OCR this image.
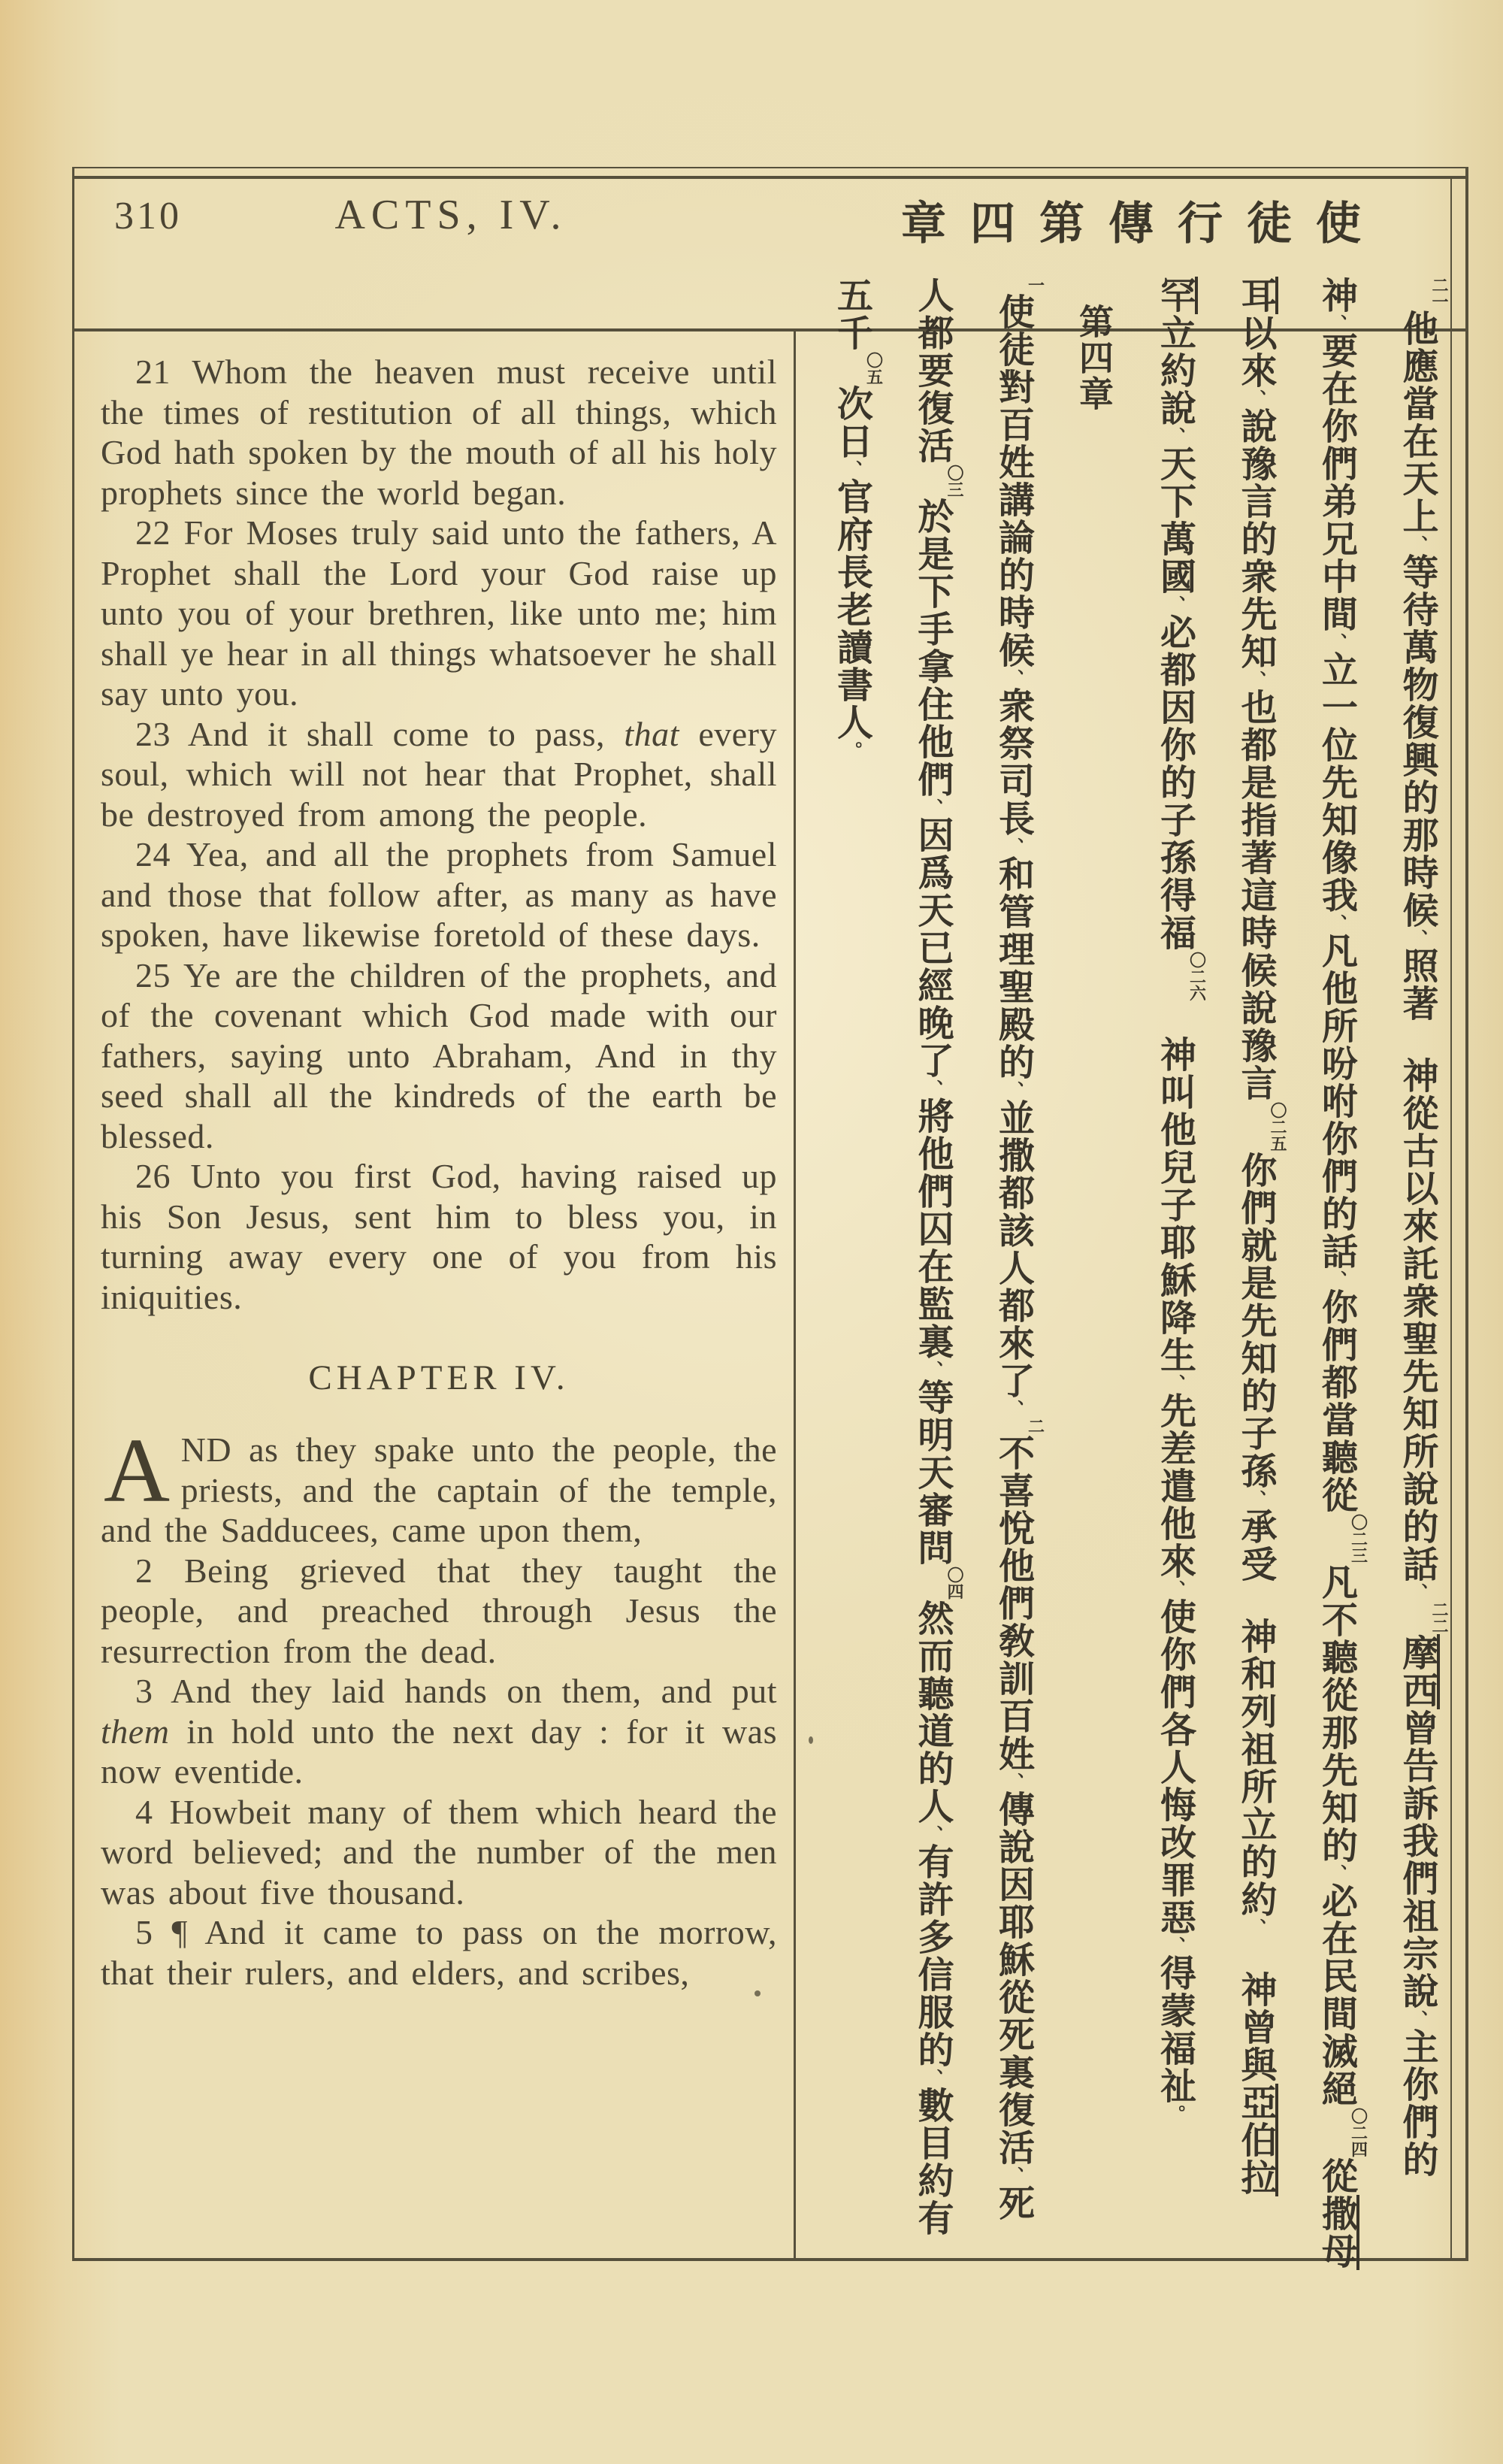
310	ACTS, IV.	章四第傳行徒使

21 Whom the heaven must receive until the times of restitution of all things, which God hath spoken by the mouth of all his holy prophets since the world began.

22 For Moses truly said unto the fathers, A Prophet shall the Lord your God raise up unto you of your brethren, like unto me; him shall ye hear in all things whatsoever he shall say unto you.

23 And it shall come to pass, that every soul, which will not hear that Prophet, shall be destroyed from among the people.

24 Yea, and all the prophets from Samuel and those that follow after, as many as have spoken, have likewise foretold of these days.

25 Ye are the children of the prophets, and of the covenant which God made with our fathers, saying unto Abraham, And in thy seed shall all the kindreds of the earth be blessed.

26 Unto you first God, having raised up his Son Jesus, sent him to bless you, in turning away every one of you from his iniquities.

CHAPTER IV.

AND as they spake unto the people, the priests, and the captain of the temple, and the Sadducees, came upon them,

2 Being grieved that they taught the people, and preached through Jesus the resurrection from the dead.

3 And they laid hands on them, and put them in hold unto the next day : for it was now eventide.

4 Howbeit many of them which heard the word believed; and the number of the men was about five thousand.

5 ¶ And it came to pass on the morrow, that their rulers, and elders, and scribes,

二一他應當在天上、等待萬物復興的那時候、照著神從古以來託衆聖先知所說的話、二二摩西曾告訴我們祖宗說、主你們的
神、要在你們弟兄中間、立一位先知像我、凡他所吩咐你們的話、你們都當聽從〇二三凡不聽從那先知的、必在民間滅絕〇二四從撒母
耳以來、說豫言的衆先知、也都是指著這時候說豫言〇二五你們就是先知的子孫、承受神和列祖所立的約、神曾與亞伯拉
罕立約說、天下萬國、必都因你的子孫得福〇二六神叫他兒子耶穌降生、先差遣他來、使你們各人悔改罪惡、得蒙福祉。
第四章
一使徒對百姓講論的時候、衆祭司長、和管理聖殿的、並撒都該人都來了、二不喜悅他們敎訓百姓、傳說因耶穌從死裏復活、死
人都要復活〇三於是下手拿住他們、因爲天已經晚了、將他們囚在監裏、等明天審問〇四然而聽道的人、有許多信服的、數目約有
五千〇五次日、官府長老讀書人。
